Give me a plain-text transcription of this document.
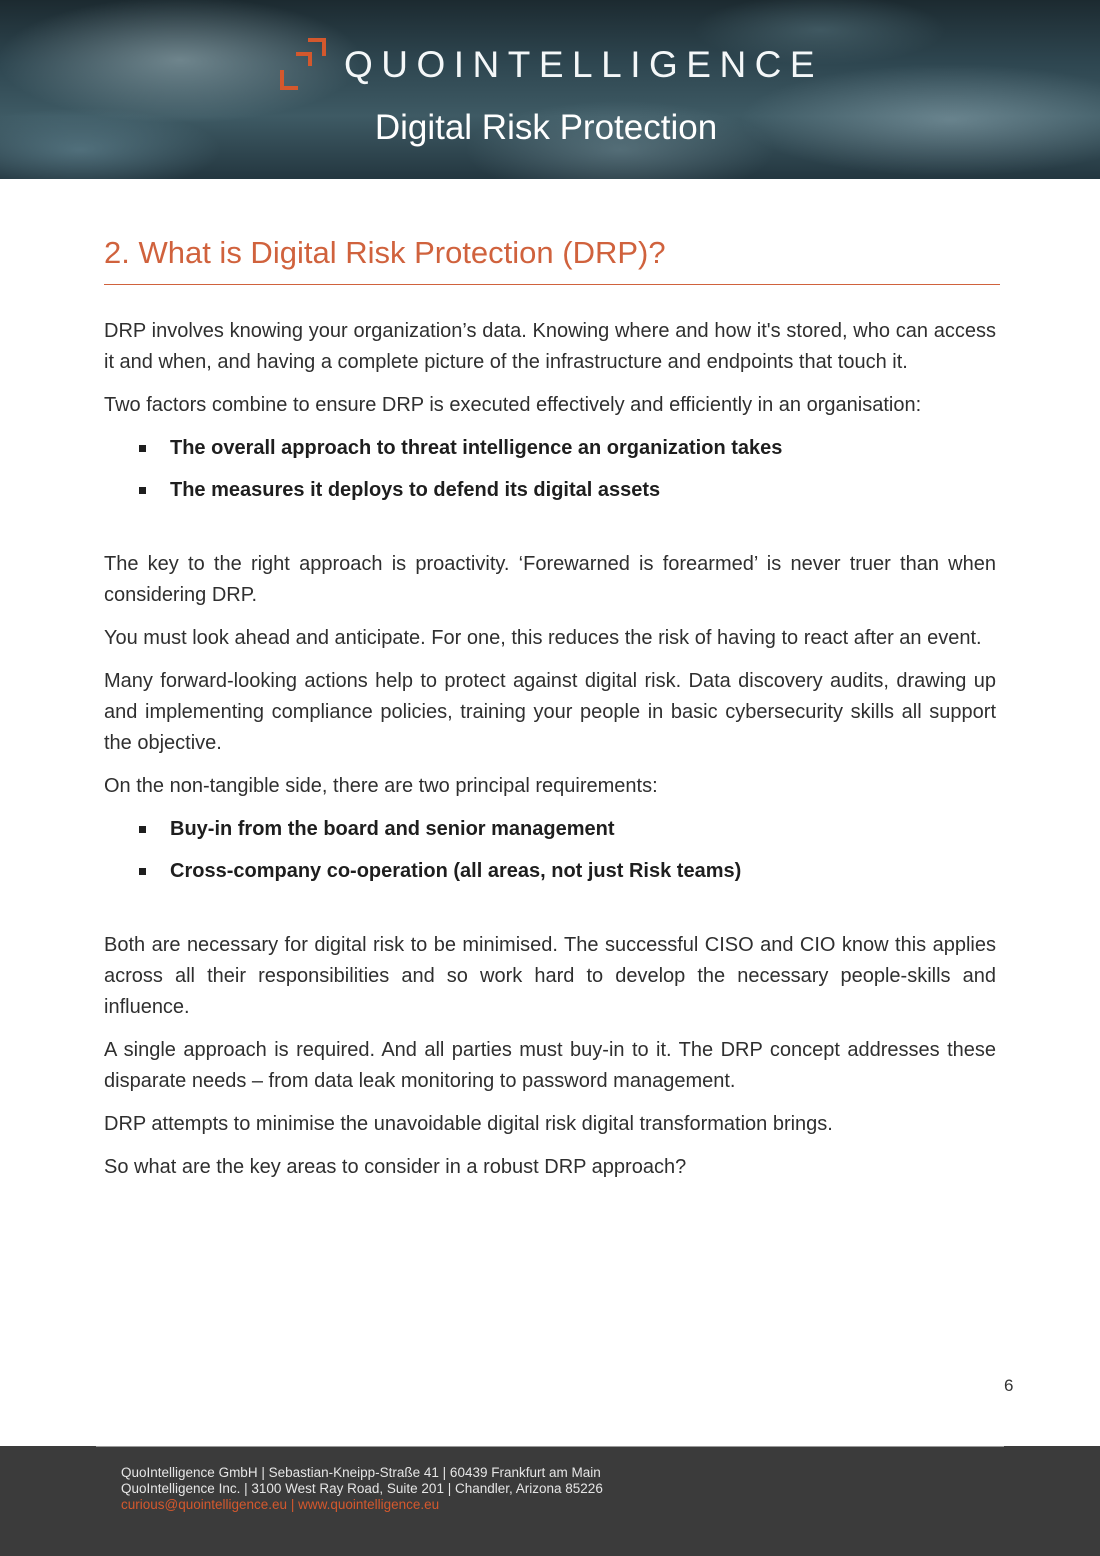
QUOINTELLIGENCE
Digital Risk Protection
2. What is Digital Risk Protection (DRP)?

DRP involves knowing your organization’s data. Knowing where and how it's stored, who can access it and when, and having a complete picture of the infrastructure and endpoints that touch it.

Two factors combine to ensure DRP is executed effectively and efficiently in an organisation:

The overall approach to threat intelligence an organization takes
The measures it deploys to defend its digital assets

The key to the right approach is proactivity. ‘Forewarned is forearmed’ is never truer than when considering DRP.

You must look ahead and anticipate. For one, this reduces the risk of having to react after an event.

Many forward-looking actions help to protect against digital risk. Data discovery audits, drawing up and implementing compliance policies, training your people in basic cybersecurity skills all support the objective.

On the non-tangible side, there are two principal requirements:

Buy-in from the board and senior management
Cross-company co-operation (all areas, not just Risk teams)

Both are necessary for digital risk to be minimised. The successful CISO and CIO know this applies across all their responsibilities and so work hard to develop the necessary people-skills and influence.

A single approach is required. And all parties must buy-in to it. The DRP concept addresses these disparate needs – from data leak monitoring to password management.

DRP attempts to minimise the unavoidable digital risk digital transformation brings.

So what are the key areas to consider in a robust DRP approach?

6
QuoIntelligence GmbH | Sebastian-Kneipp-Straße 41 | 60439 Frankfurt am Main
QuoIntelligence Inc. | 3100 West Ray Road, Suite 201 | Chandler, Arizona 85226
curious@quointelligence.eu | www.quointelligence.eu
